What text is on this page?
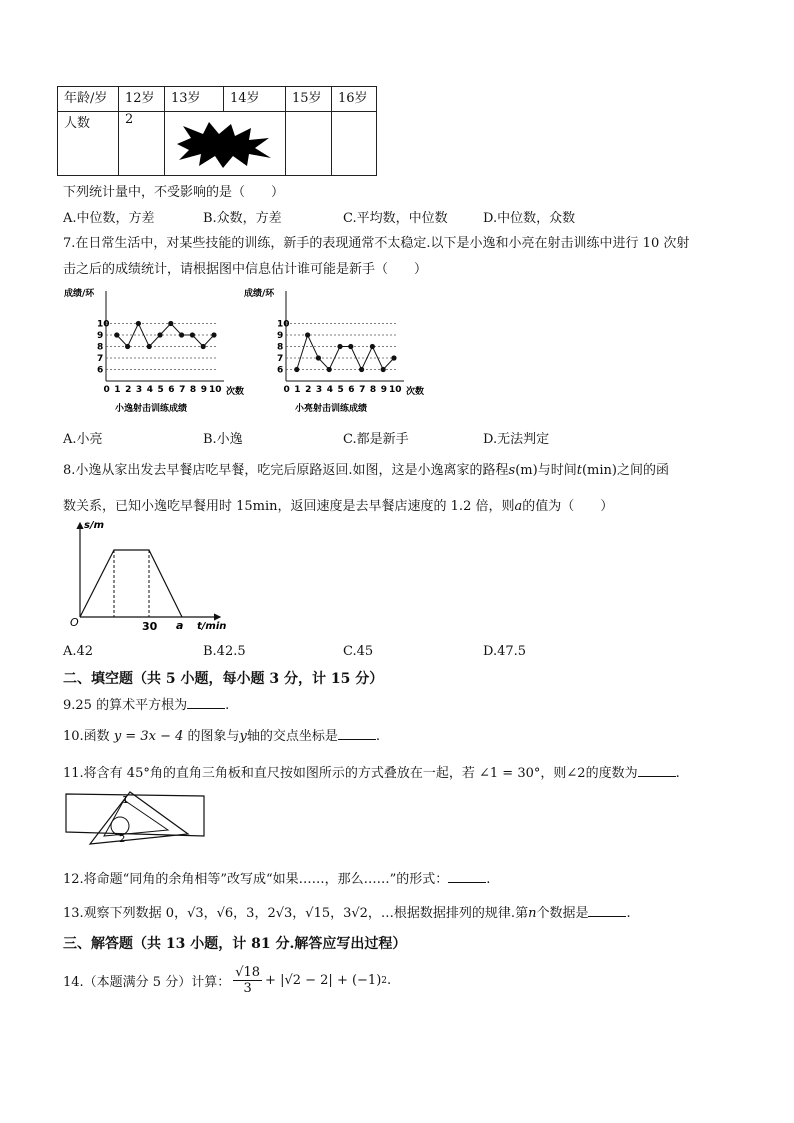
年龄/岁	12岁	13岁	14岁	15岁	16岁
人数	2	

下列统计量中，不受影响的是（　　）
A.中位数，方差	B.众数，方差	C.平均数，中位数	D.中位数，众数
7.在日常生活中，对某些技能的训练，新手的表现通常不太稳定.以下是小逸和小亮在射击训练中进行 10 次射
击之后的成绩统计，请根据图中信息估计谁可能是新手（　　）
成绩/环
6
7
8
9
10
0 1 2 3 4 5 6 7 8 9 10 次数
小逸射击训练成绩
成绩/环
6
7
8
9
10
0 1 2 3 4 5 6 7 8 9 10 次数
小亮射击训练成绩
A.小亮	B.小逸	C.都是新手	D.无法判定
8.小逸从家出发去早餐店吃早餐，吃完后原路返回.如图，这是小逸离家的路程s(m)与时间t(min)之间的函
数关系，已知小逸吃早餐用时 15min，返回速度是去早餐店速度的 1.2 倍，则a的值为（　　）
s/m
t/min
O	30 a
A.42	B.42.5	C.45	D.47.5
二、填空题（共 5 小题，每小题 3 分，计 15 分）
9.25 的算术平方根为	.
10.函数 y = 3x − 4 的图象与y轴的交点坐标是	.
11.将含有 45°角的直角三角板和直尺按如图所示的方式叠放在一起，若 ∠1 = 30°，则∠2的度数为	.
1
2
12.将命题“同角的余角相等”改写成“如果……，那么……”的形式：	.
13.观察下列数据 0，√3，√6，3，2√3，√15，3√2，…根据数据排列的规律.第n个数据是	.
三、解答题（共 13 小题，计 81 分.解答应写出过程）
14.（本题满分 5 分）计算： $\frac{√18}{3} + |√2 - 2| + (-1)$ 2 .
